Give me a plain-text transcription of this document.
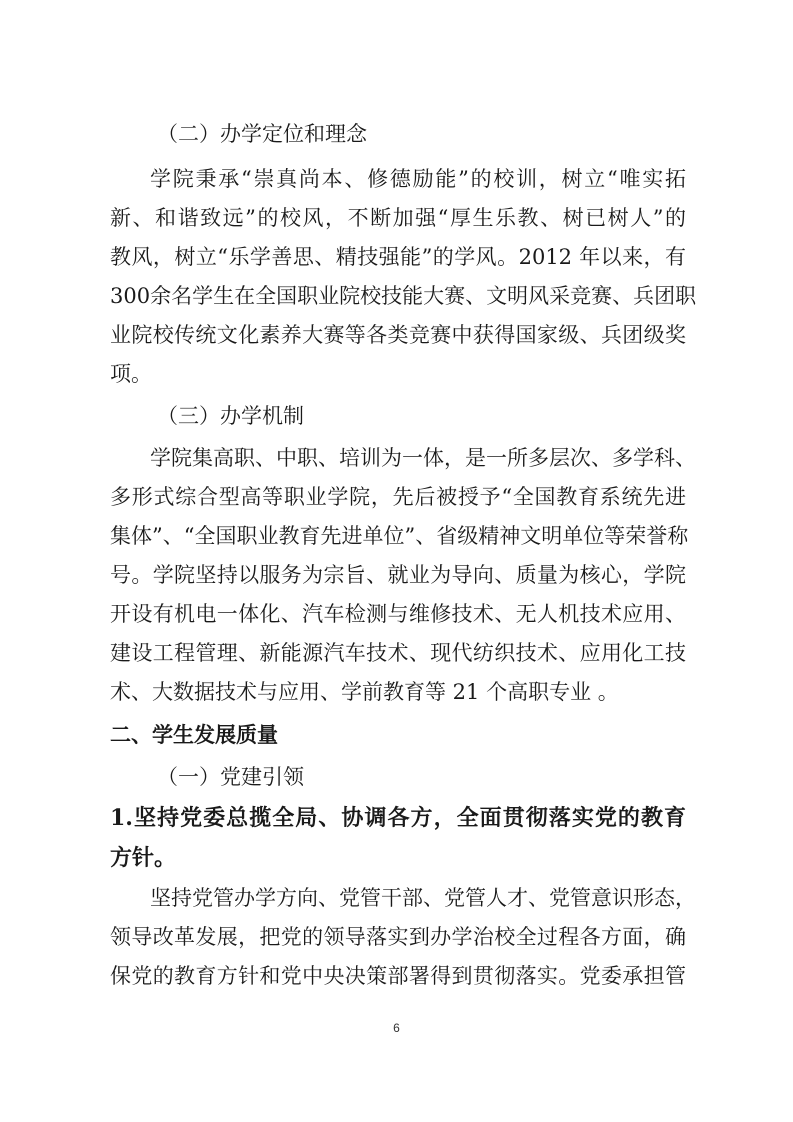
（二）办学定位和理念
学院秉承“崇真尚本、修德励能”的校训，树立“唯实拓
新、和谐致远”的校风，不断加强“厚生乐教、树已树人”的
教风，树立“乐学善思、精技强能”的学风。2012 年以来，有
300余名学生在全国职业院校技能大赛、文明风采竞赛、兵团职
业院校传统文化素养大赛等各类竞赛中获得国家级、兵团级奖
项。
（三）办学机制
学院集高职、中职、培训为一体，是一所多层次、多学科、
多形式综合型高等职业学院，先后被授予“全国教育系统先进
集体”、“全国职业教育先进单位”、省级精神文明单位等荣誉称
号。学院坚持以服务为宗旨、就业为导向、质量为核心，学院
开设有机电一体化、汽车检测与维修技术、无人机技术应用、
建设工程管理、新能源汽车技术、现代纺织技术、应用化工技
术、大数据技术与应用、学前教育等 21 个高职专业 。
二、学生发展质量
（一）党建引领
1.坚持党委总揽全局、协调各方，全面贯彻落实党的教育
方针。
坚持党管办学方向、党管干部、党管人才、党管意识形态，
领导改革发展，把党的领导落实到办学治校全过程各方面，确
保党的教育方针和党中央决策部署得到贯彻落实。党委承担管
6
